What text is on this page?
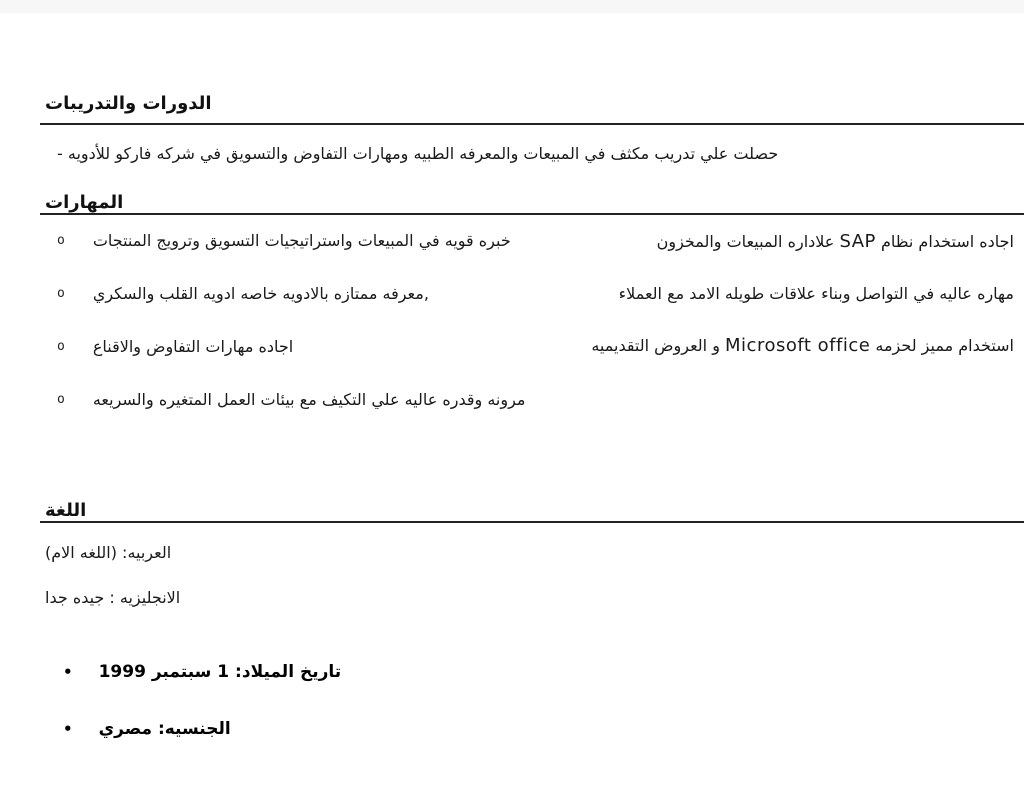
الدورات والتدريبات

حصلت علي تدريب مكثف في المبيعات والمعرفه الطبيه ومهارات التفاوض والتسويق في شركه فاركو للأدويه -

المهارات
o خبره قويه في المبيعات واستراتيجيات التسويق وترويج المنتجات
o ,معرفه ممتازه بالادويه خاصه ادويه القلب والسكري
o اجاده مهارات التفاوض والاقناع
o مرونه وقدره عاليه علي التكيف مع بيئات العمل المتغيره والسريعه
اجاده استخدام نظام SAP علاداره المبيعات والمخزون
مهاره عاليه في التواصل وبناء علاقات طويله الامد مع العملاء
استخدام مميز لحزمه Microsoft office و العروض التقديميه
اللغة

العربيه: (اللغه الام)

الانجليزيه : جيده جدا

• تاريخ الميلاد: 1 سبتمبر 1999
• الجنسيه: مصري
